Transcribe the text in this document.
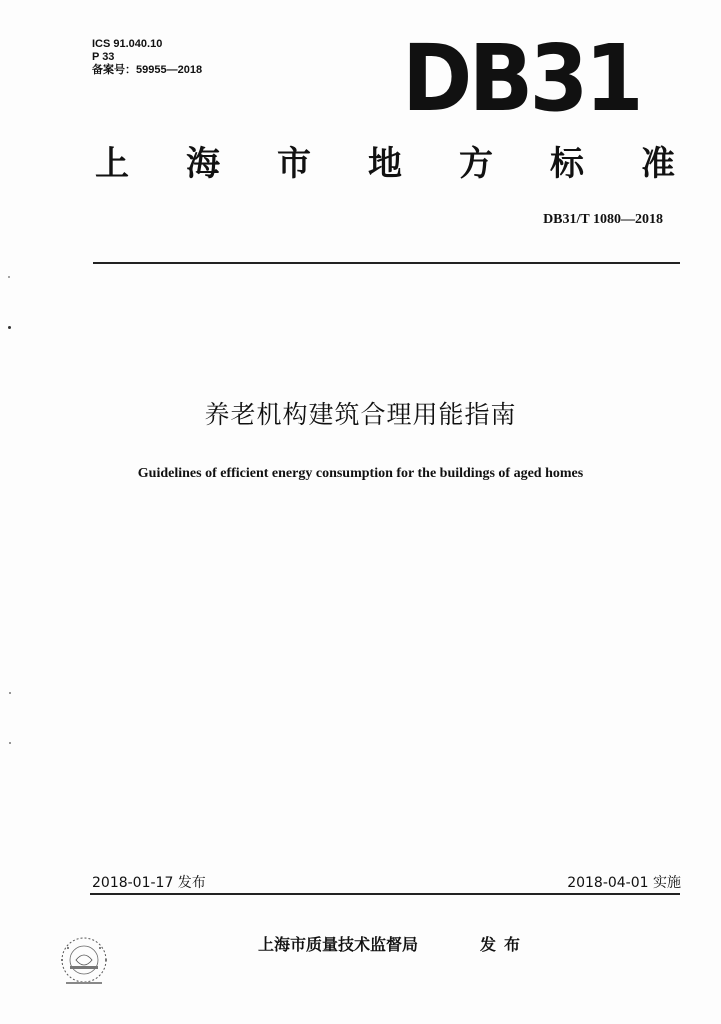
ICS 91.040.10
P 33
备案号：59955—2018 DB31
上 海 市 地 方 标 准
DB31/T 1080—2018
养老机构建筑合理用能指南
Guidelines of efficient energy consumption for the buildings of aged homes
2018-01-17 发布	2018-04-01 实施
上海市质量技术监督局	发布
